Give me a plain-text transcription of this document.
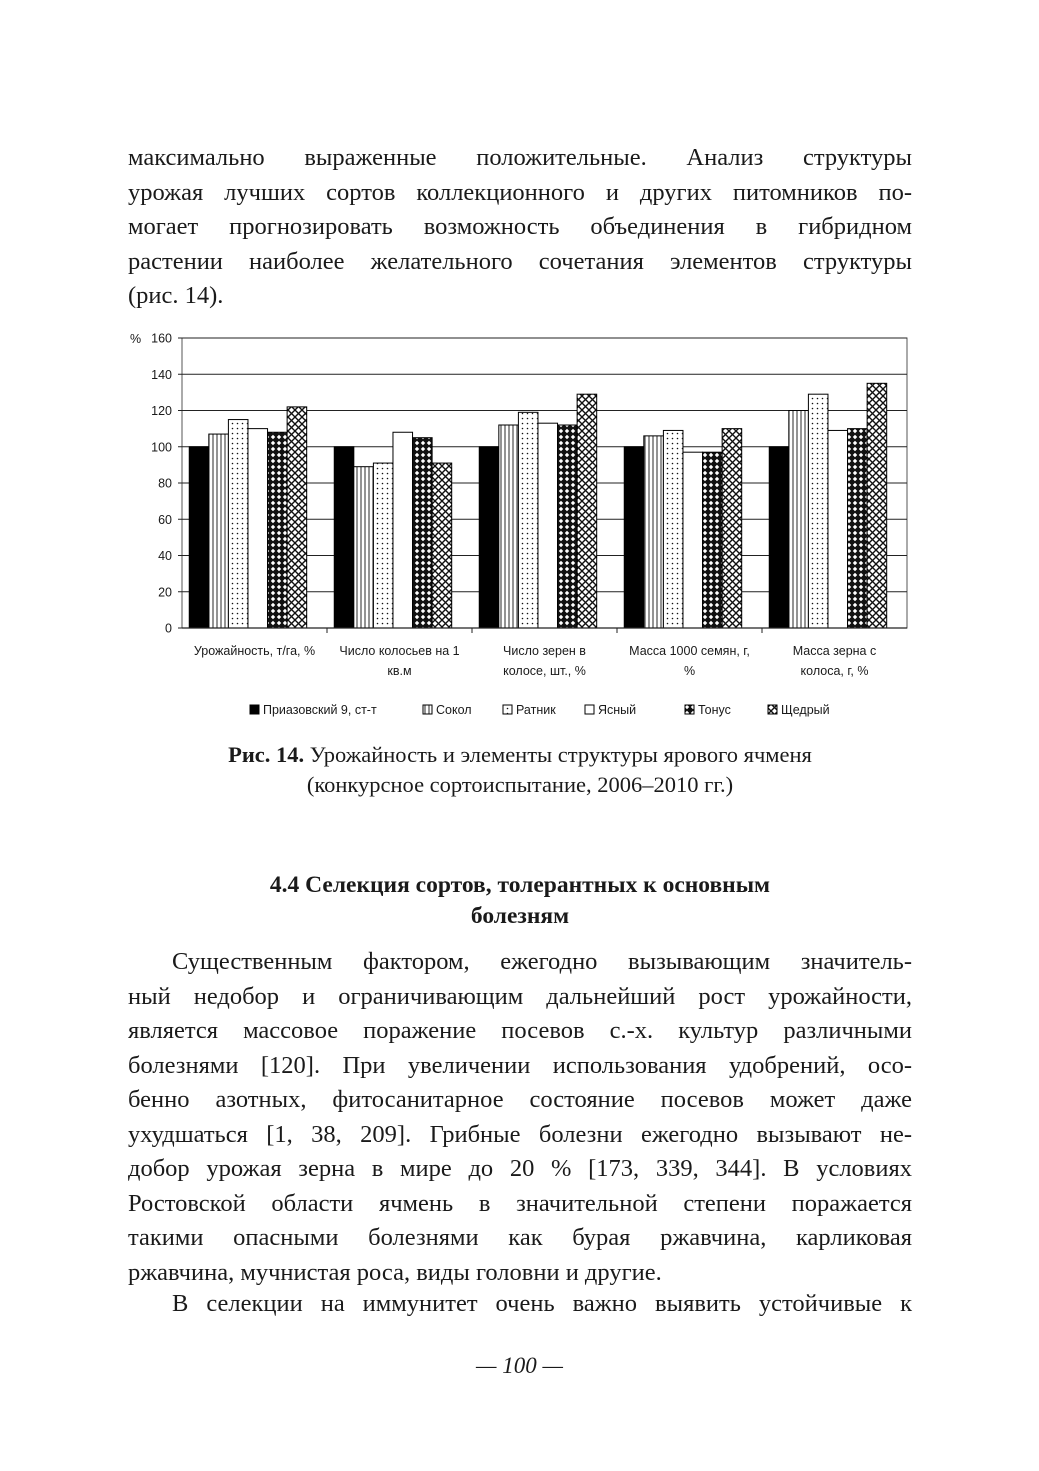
максимально выраженные положительные. Анализ структуры
урожая лучших сортов коллекционного и других питомников по-
могает прогнозировать возможность объединения в гибридном
растении наиболее желательного сочетания элементов структуры
(рис. 14).
0
20
40
60
80
100
120
140
160
%
Урожайность, т/га, % Число колосьев на 1
кв.м
Число зерен в
колосе, шт., %
Масса 1000 семян, г,
%
Масса зерна с
колоса, г, %
Приазовский 9, ст-т	Сокол	Ратник	Ясный	Тонус	Щедрый
Рис. 14. Урожайность и элементы структуры ярового ячменя
(конкурсное сортоиспытание, 2006–2010 гг.)
4.4 Селекция сортов, толерантных к основным
болезням
Существенным фактором, ежегодно вызывающим значитель-
ный недобор и ограничивающим дальнейший рост урожайности,
является массовое поражение посевов с.-х. культур различными
болезнями [120]. При увеличении использования удобрений, осо-
бенно азотных, фитосанитарное состояние посевов может даже
ухудшаться [1, 38, 209]. Грибные болезни ежегодно вызывают не-
добор урожая зерна в мире до 20 % [173, 339, 344]. В условиях
Ростовской области ячмень в значительной степени поражается
такими опасными болезнями как бурая ржавчина, карликовая
ржавчина, мучнистая роса, виды головни и другие.
В селекции на иммунитет очень важно выявить устойчивые к
— 100 —
